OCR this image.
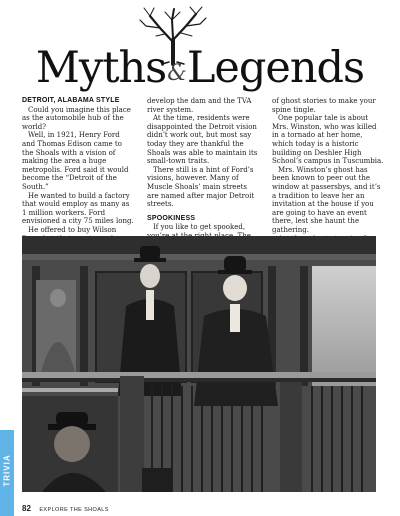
Myths&Legends

DETROIT, ALABAMA STYLE

Could you imagine this place as the automobile hub of the world?

Well, in 1921, Henry Ford and Thomas Edison came to the Shoals with a vision of making the area a huge metropolis. Ford said it would become the “Detroit of the South.”

He wanted to build a factory that would employ as many as 1 million workers. Ford envisioned a city 75 miles long.

He offered to buy Wilson

develop the dam and the TVA river system.

At the time, residents were disappointed the Detroit vision didn’t work out, but most say today they are thankful the Shoals was able to maintain its small-town traits.

There still is a hint of Ford’s visions, however. Many of Muscle Shoals’ main streets are named after major Detroit streets.

SPOOKINESS

If you like to get spooked,

of ghost stories to make your spine tingle.

One popular tale is about Mrs. Winston, who was killed in a tornado at her home, which today is a historic building on Deshler High School’s campus in Tuscumbia.

Mrs. Winston’s ghost has been known to peer out the window at passersbys, and it’s a tradition to leave her an invitation at the house if you are going to have an event there, lest she haunt the gathering.

TRIVIA
82 EXPLORE THE SHOALS
